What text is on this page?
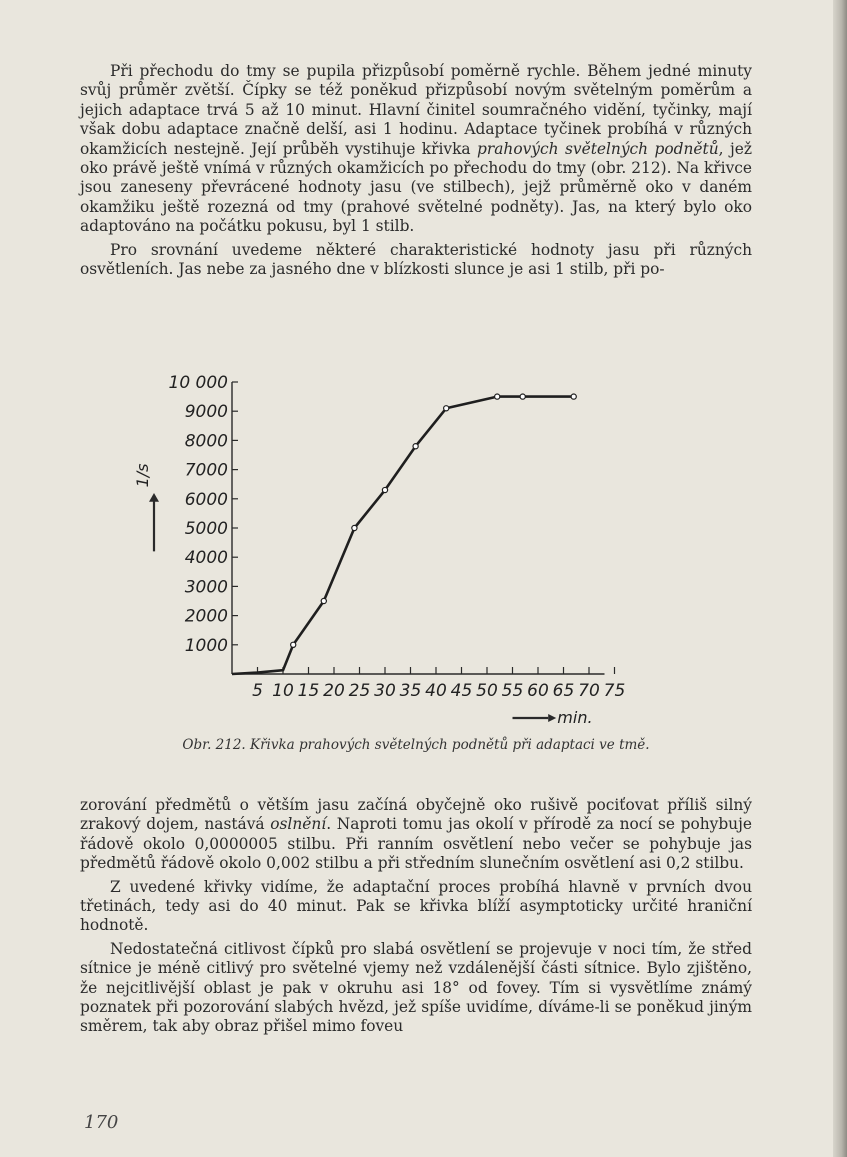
Při přechodu do tmy se pupila přizpůsobí poměrně rychle. Během jedné minuty svůj průměr zvětší. Čípky se též poněkud přizpůsobí novým světelným poměrům a jejich adaptace trvá 5 až 10 minut. Hlavní činitel soumračného vidění, tyčinky, mají však dobu adaptace značně delší, asi 1 hodinu. Adaptace tyčinek probíhá v různých okamžicích nestejně. Její průběh vystihuje křivka prahových světelných podnětů, jež oko právě ještě vnímá v různých okamžicích po přechodu do tmy (obr. 212). Na křivce jsou zaneseny převrácené hodnoty jasu (ve stilbech), jejž průměrně oko v daném okamžiku ještě rozezná od tmy (prahové světelné podněty). Jas, na který bylo oko adaptováno na počátku pokusu, byl 1 stilb.

Pro srovnání uvedeme některé charakteristické hodnoty jasu při různých osvětleních. Jas nebe za jasného dne v blízkosti slunce je asi 1 stilb, při po-

1000
2000
3000
4000
5000
6000
7000
8000
9000
10 000
5 10 15 20 25 30 35 40 45 50 55 60 65 70 75
1/s
min.
Obr. 212. Křivka prahových světelných podnětů při adaptaci ve tmě.

zorování předmětů o větším jasu začíná obyčejně oko rušivě pociťovat příliš silný zrakový dojem, nastává oslnění. Naproti tomu jas okolí v přírodě za nocí se pohybuje řádově okolo 0,0000005 stilbu. Při ranním osvětlení nebo večer se pohybuje jas předmětů řádově okolo 0,002 stilbu a při středním slunečním osvětlení asi 0,2 stilbu.

Z uvedené křivky vidíme, že adaptační proces probíhá hlavně v prvních dvou třetinách, tedy asi do 40 minut. Pak se křivka blíží asymptoticky určité hraniční hodnotě.

Nedostatečná citlivost čípků pro slabá osvětlení se projevuje v noci tím, že střed sítnice je méně citlivý pro světelné vjemy než vzdálenější části sítnice. Bylo zjištěno, že nejcitlivější oblast je pak v okruhu asi 18° od fovey. Tím si vysvětlíme známý poznatek při pozorování slabých hvězd, jež spíše uvidíme, díváme-li se poněkud jiným směrem, tak aby obraz přišel mimo foveu

170
